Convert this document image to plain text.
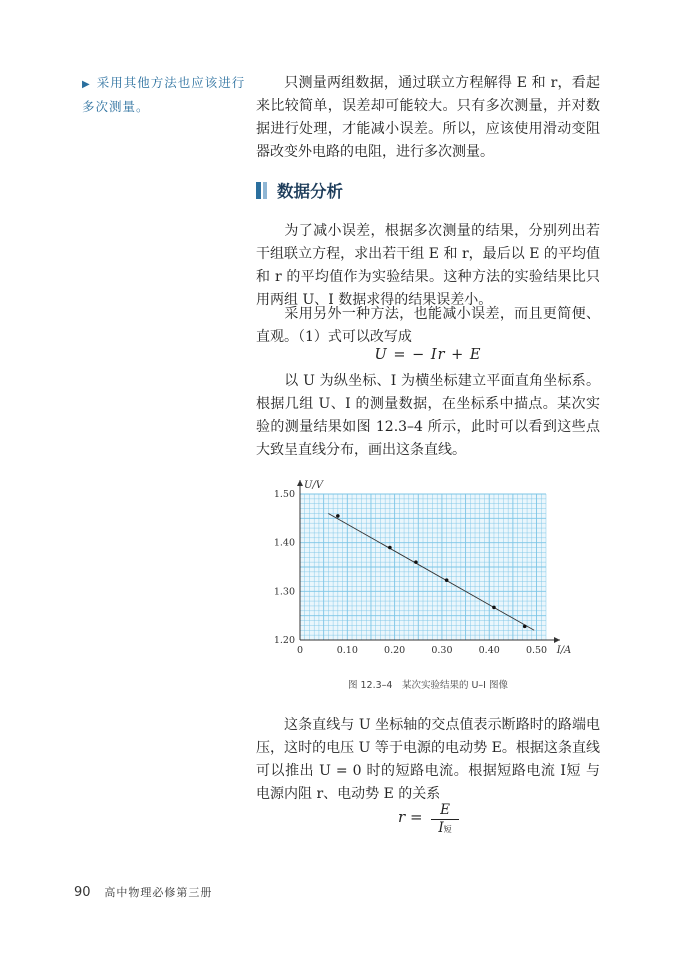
▶ 采用其他方法也应该进行多次测量。

只测量两组数据，通过联立方程解得 E 和 r，看起来比较简单，误差却可能较大。只有多次测量，并对数据进行处理，才能减小误差。所以，应该使用滑动变阻器改变外电路的电阻，进行多次测量。

数据分析

为了减小误差，根据多次测量的结果，分别列出若干组联立方程，求出若干组 E 和 r，最后以 E 的平均值和 r 的平均值作为实验结果。这种方法的实验结果比只用两组 U、I 数据求得的结果误差小。

采用另外一种方法，也能减小误差，而且更简便、直观。（1）式可以改写成

U = − Ir + E

以 U 为纵坐标、I 为横坐标建立平面直角坐标系。根据几组 U、I 的测量数据，在坐标系中描点。某次实验的测量结果如图 12.3–4 所示，此时可以看到这些点大致呈直线分布，画出这条直线。

1.20
1.30
1.40
1.50
0	0.10	0.20	0.30	0.40	0.50
U/V
I/A
图 12.3–4　某次实验结果的 U–I 图像

这条直线与 U 坐标轴的交点值表示断路时的路端电压，这时的电压 U 等于电源的电动势 E。根据这条直线可以推出 U = 0 时的短路电流。根据短路电流 I短 与电源内阻 r、电动势 E 的关系

r =	E
I短
90 高中物理必修第三册
